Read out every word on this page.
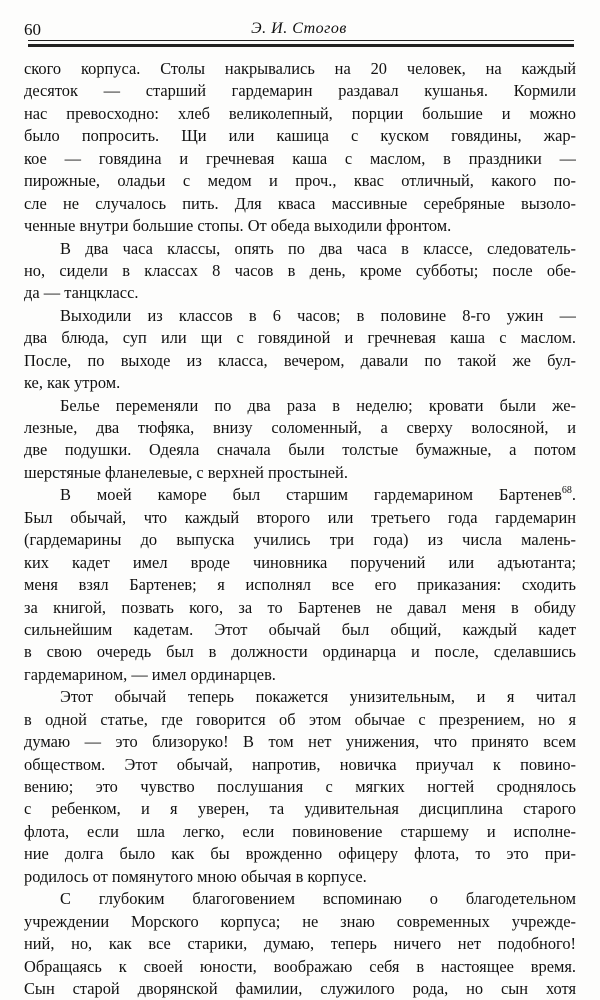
60	Э. И. Стогов
ского корпуса. Столы накрывались на 20 человек, на каждый
десяток — старший гардемарин раздавал кушанья. Кормили
нас превосходно: хлеб великолепный, порции большие и можно
было попросить. Щи или кашица с куском говядины, жар-
кое — говядина и гречневая каша с маслом, в праздники —
пирожные, оладьи с медом и проч., квас отличный, какого по-
сле не случалось пить. Для кваса массивные серебряные вызоло-
ченные внутри большие стопы. От обеда выходили фронтом.
В два часа классы, опять по два часа в классе, следователь-
но, сидели в классах 8 часов в день, кроме субботы; после обе-
да — танцкласс.
Выходили из классов в 6 часов; в половине 8-го ужин —
два блюда, суп или щи с говядиной и гречневая каша с маслом.
После, по выходе из класса, вечером, давали по такой же бул-
ке, как утром.
Белье переменяли по два раза в неделю; кровати были же-
лезные, два тюфяка, внизу соломенный, а сверху волосяной, и
две подушки. Одеяла сначала были толстые бумажные, а потом
шерстяные фланелевые, с верхней простыней.
В моей каморе был старшим гардемарином Бартенев$^{68}$.
Был обычай, что каждый второго или третьего года гардемарин
(гардемарины до выпуска учились три года) из числа малень-
ких кадет имел вроде чиновника поручений или адъютанта;
меня взял Бартенев; я исполнял все его приказания: сходить
за книгой, позвать кого, за то Бартенев не давал меня в обиду
сильнейшим кадетам. Этот обычай был общий, каждый кадет
в свою очередь был в должности ординарца и после, сделавшись
гардемарином, — имел ординарцев.
Этот обычай теперь покажется унизительным, и я читал
в одной статье, где говорится об этом обычае с презрением, но я
думаю — это близоруко! В том нет унижения, что принято всем
обществом. Этот обычай, напротив, новичка приучал к повино-
вению; это чувство послушания с мягких ногтей сроднялось
с ребенком, и я уверен, та удивительная дисциплина старого
флота, если шла легко, если повиновение старшему и исполне-
ние долга было как бы врожденно офицеру флота, то это при-
родилось от помянутого мною обычая в корпусе.
С глубоким благоговением вспоминаю о благодетельном
учреждении Морского корпуса; не знаю современных учрежде-
ний, но, как все старики, думаю, теперь ничего нет подобного!
Обращаясь к своей юности, воображаю себя в настоящее время.
Сын старой дворянской фамилии, служилого рода, но сын хотя
